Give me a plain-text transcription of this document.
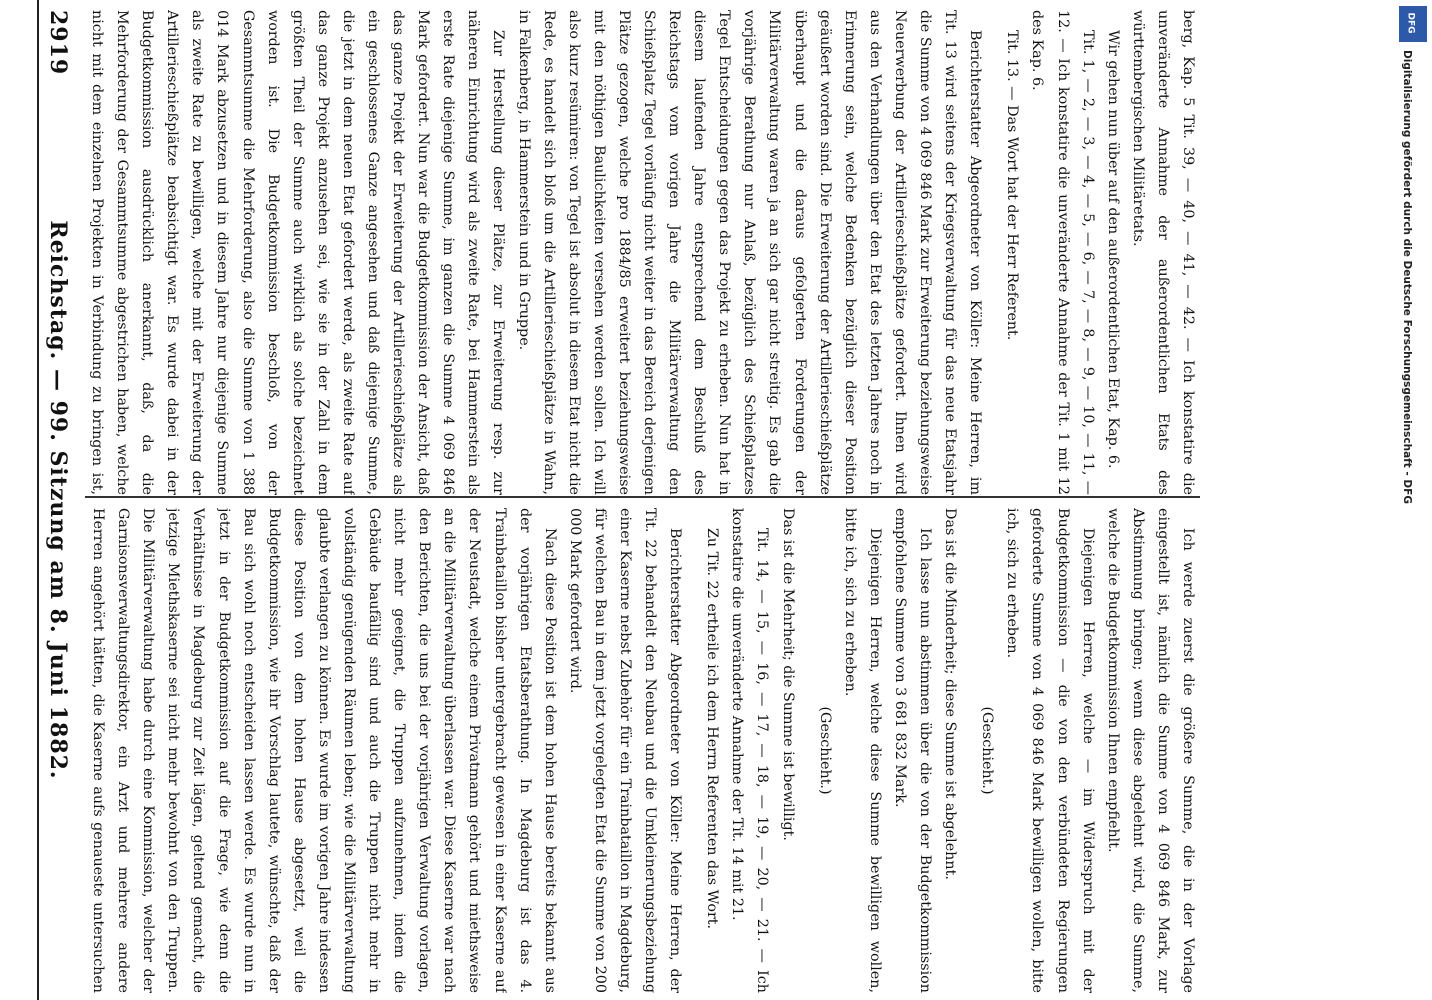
2919
Reichstag. — 99. Sitzung am 8. Juni 1882.	berg, Kap. 5 Tit. 39, — 40, — 41, — 42. — Ich konstatire die unveränderte Annahme der außerordentlichen Etats des württembergischen Militäretats.

Wir gehen nun über auf den außerordentlichen Etat, Kap. 6.

Tit. 1, — 2, — 3, — 4, — 5, — 6, — 7, — 8, — 9, — 10, — 11, — 12. — Ich konstatire die unveränderte Annahme der Tit. 1 mit 12 des Kap. 6.

Tit. 13. — Das Wort hat der Herr Referent.

Berichterstatter Abgeordneter von Köller: Meine Herren, im Tit. 13 wird seitens der Kriegsverwaltung für das neue Etatsjahr die Summe von 4 069 846 Mark zur Erweiterung beziehungsweise Neuerwerbung der Artillerieschießplätze gefordert. Ihnen wird aus den Verhandlungen über den Etat des letzten Jahres noch in Erinnerung sein, welche Bedenken bezüglich dieser Position geäußert worden sind. Die Erweiterung der Artillerieschießplätze überhaupt und die daraus gefolgerten Forderungen der Militärverwaltung waren ja an sich gar nicht streitig. Es gab die vorjährige Berathung nur Anlaß, bezüglich des Schießplatzes Tegel Entscheidungen gegen das Projekt zu erheben. Nun hat in diesem laufenden Jahre entsprechend dem Beschluß des Reichstags vom vorigen Jahre die Militärverwaltung den Schießplatz Tegel vorläufig nicht weiter in das Bereich derjenigen Plätze gezogen, welche pro 1884/85 erweitert beziehungsweise mit den nöthigen Baulichkeiten versehen werden sollen. Ich will also kurz resümiren: von Tegel ist absolut in diesem Etat nicht die Rede, es handelt sich bloß um die Artillerieschießplätze in Wahn, in Falkenberg, in Hammerstein und in Gruppe.

Zur Herstellung dieser Plätze, zur Erweiterung resp. zur näheren Einrichtung wird als zweite Rate, bei Hammerstein als erste Rate diejenige Summe, im ganzen die Summe 4 069 846 Mark gefordert. Nun war die Budgetkommission der Ansicht, daß das ganze Projekt der Erweiterung der Artillerieschießplätze als ein geschlossenes Ganze angesehen und daß diejenige Summe, die jetzt in dem neuen Etat gefordert werde, als zweite Rate auf das ganze Projekt anzusehen sei, wie sie in der Zahl in dem größten Theil der Summe auch wirklich als solche bezeichnet worden ist. Die Budgetkommission beschloß, von der Gesammtsumme die Mehrforderung, also die Summe von 1 388 014 Mark abzusetzen und in diesem Jahre nur diejenige Summe als zweite Rate zu bewilligen, welche mit der Erweiterung der Artillerieschießplätze beabsichtigt war. Es wurde dabei in der Budgetkommission ausdrücklich anerkannt, daß, da die Mehrforderung der Gesammtsumme abgestrichen haben, welche nicht mit dem einzelnen Projekten in Verbindung zu bringen ist,

Ich werde zuerst die größere Summe, die in der Vorlage eingestellt ist, nämlich die Summe von 4 069 846 Mark, zur Abstimmung bringen; wenn diese abgelehnt wird, die Summe, welche die Budgetkommission Ihnen empfiehlt.

Diejenigen Herren, welche — im Widerspruch mit der Budgetkommission — die von den verbündeten Regierungen geforderte Summe von 4 069 846 Mark bewilligen wollen, bitte ich, sich zu erheben.

(Geschieht.)

Das ist die Minderheit; diese Summe ist abgelehnt.

Ich lasse nun abstimmen über die von der Budgetkommission empfohlene Summe von 3 681 832 Mark.

Diejenigen Herren, welche diese Summe bewilligen wollen, bitte ich, sich zu erheben.

(Geschieht.)

Das ist die Mehrheit; die Summe ist bewilligt.

Tit. 14, — 15, — 16, — 17, — 18, — 19, — 20, — 21. — Ich konstatire die unveränderte Annahme der Tit. 14 mit 21.

Zu Tit. 22 ertheile ich dem Herrn Referenten das Wort.

Berichterstatter Abgeordneter von Köller: Meine Herren, der Tit. 22 behandelt den Neubau und die Umkleinerungsbeziehung einer Kaserne nebst Zubehör für ein Trainbataillon in Magdeburg, für welchen Bau in dem jetzt vorgelegten Etat die Summe von 200 000 Mark gefordert wird.

Nach diese Position ist dem hohen Hause bereits bekannt aus der vorjährigen Etatsberathung. In Magdeburg ist das 4. Trainbataillon bisher untergebracht gewesen in einer Kaserne auf der Neustadt, welche einem Privatmann gehört und miethsweise an die Militärverwaltung überlassen war. Diese Kaserne war nach den Berichten, die uns bei der vorjährigen Verwaltung vorlagen, nicht mehr geeignet, die Truppen aufzunehmen, indem die Gebäude baufällig sind und auch die Truppen nicht mehr in vollständig genügenden Räumen leben; wie die Militärverwaltung glaubte verlangen zu können. Es wurde im vorigen Jahre indessen diese Position von dem hohen Hause abgesetzt, weil die Budgetkommission, wie ihr Vorschlag lautete, wünschte, daß der Bau sich wohl noch entscheiden lassen werde. Es wurde nun in jetzt in der Budgetkommission auf die Frage, wie denn die Verhältnisse in Magdeburg zur Zeit lägen, geltend gemacht, die jetzige Miethskaserne sei nicht mehr bewohnt von den Truppen. Die Militärverwaltung habe durch eine Kommission, welcher der Garnisonsverwaltungsdirektor, ein Arzt und mehrere andere Herren angehört hätten, die Kaserne aufs genaueste untersuchen

DFG
Digitalisierung gefördert durch die Deutsche Forschungsgemeinschaft - DFG
